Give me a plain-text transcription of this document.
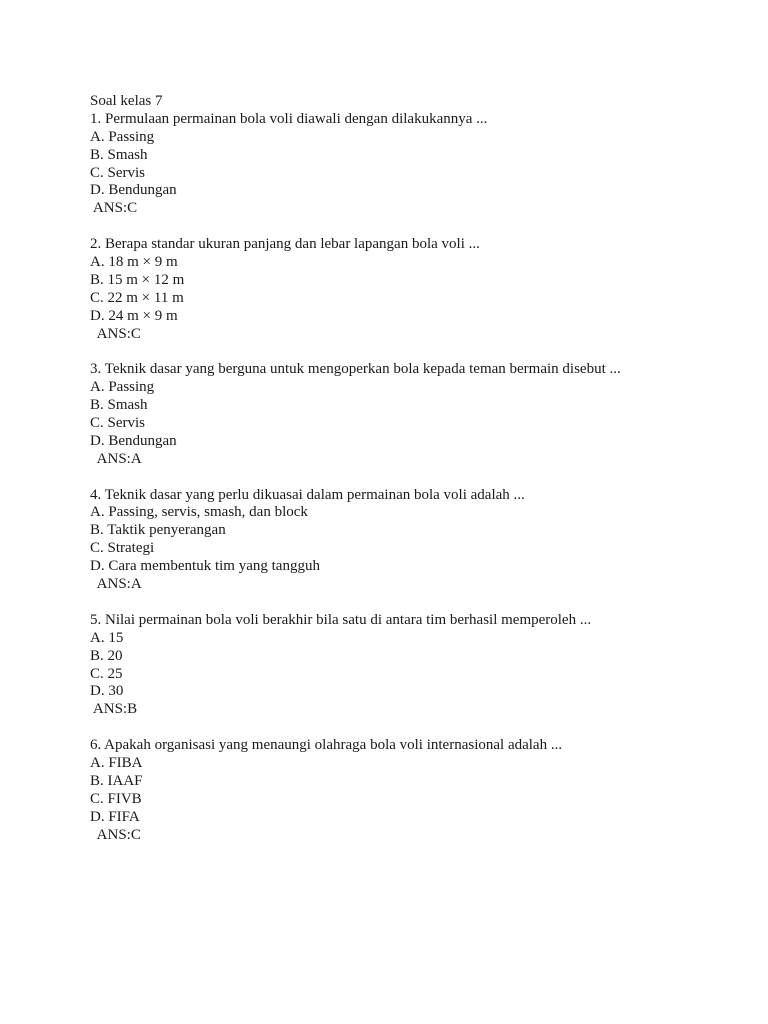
Soal kelas 7
1. Permulaan permainan bola voli diawali dengan dilakukannya ...
A. Passing
B. Smash
C. Servis
D. Bendungan
ANS:C
2. Berapa standar ukuran panjang dan lebar lapangan bola voli ...
A. 18 m × 9 m
B. 15 m × 12 m
C. 22 m × 11 m
D. 24 m × 9 m
ANS:C
3. Teknik dasar yang berguna untuk mengoperkan bola kepada teman bermain disebut ...
A. Passing
B. Smash
C. Servis
D. Bendungan
ANS:A
4. Teknik dasar yang perlu dikuasai dalam permainan bola voli adalah ...
A. Passing, servis, smash, dan block
B. Taktik penyerangan
C. Strategi
D. Cara membentuk tim yang tangguh
ANS:A
5. Nilai permainan bola voli berakhir bila satu di antara tim berhasil memperoleh ...
A. 15
B. 20
C. 25
D. 30
ANS:B
6. Apakah organisasi yang menaungi olahraga bola voli internasional adalah ...
A. FIBA
B. IAAF
C. FIVB
D. FIFA
ANS:C
